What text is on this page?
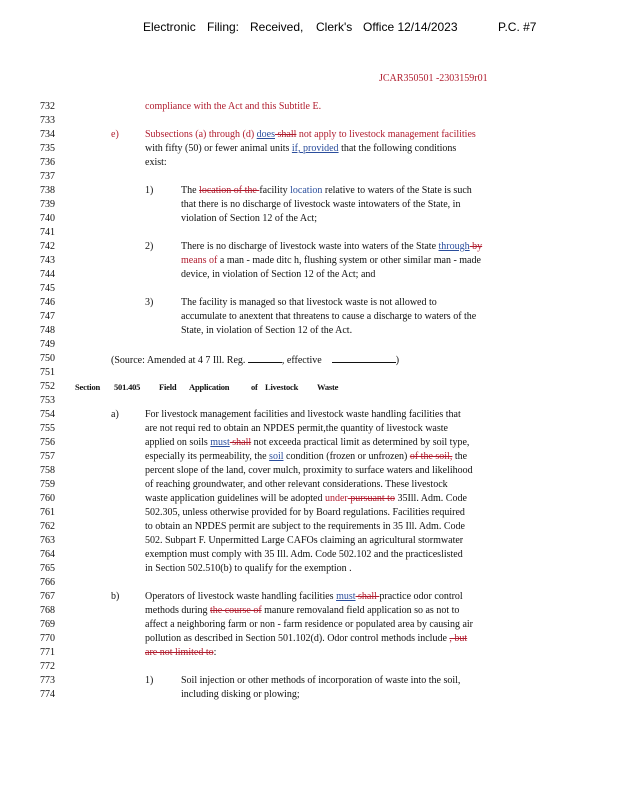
Electronic Filing: Received, Clerk's Office 12/14/2023	P.C. #7
JCAR350501 -2303159r01
732
733
734
735
736
737
738
739
740
741
742
743
744
745
746
747
748
749
750
751
752
753
754
755
756
757
758
759
760
761
762
763
764
765
766
767
768
769
770
771
772
773
774
compliance with the Act and this Subtitle E.
e)	Subsections (a) through (d) does shall not apply to livestock management facilities
with fifty (50) or fewer animal units if, provided that the following conditions
exist:
1)	The location of the facility location relative to waters of the State is such
that there is no discharge of livestock waste intowaters of the State, in
violation of Section 12 of the Act;
2)	There is no discharge of livestock waste into waters of the State through by
means of a man - made ditc h, flushing system or other similar man - made
device, in violation of Section 12 of the Act; and
3)	The facility is managed so that livestock waste is not allowed to
accumulate to anextent that threatens to cause a discharge to waters of the
State, in violation of Section 12 of the Act.
(Source: Amended at 4 7 Ill. Reg.	, effective	)
Section 501.405 Field Application	of Livestock Waste
a)	For livestock management facilities and livestock waste handling facilities that
are not requi red to obtain an NPDES permit,the quantity of livestock waste
applied on soils must shall not exceeda practical limit as determined by soil type,
especially its permeability, the soil condition (frozen or unfrozen) of the soil, the
percent slope of the land, cover mulch, proximity to surface waters and likelihood
of reaching groundwater, and other relevant considerations. These livestock
waste application guidelines will be adopted under pursuant to 35Ill. Adm. Code
502.305, unless otherwise provided for by Board regulations. Facilities required
to obtain an NPDES permit are subject to the requirements in 35 Ill. Adm. Code
502. Subpart F. Unpermitted Large CAFOs claiming an agricultural stormwater
exemption must comply with 35 Ill. Adm. Code 502.102 and the practiceslisted
in Section 502.510(b) to qualify for the exemption .
b)	Operators of livestock waste handling facilities must shall practice odor control
methods during the course of manure removaland field application so as not to
affect a neighboring farm or non - farm residence or populated area by causing air
pollution as described in Section 501.102(d). Odor control methods include , but
are not limited to:
1)	Soil injection or other methods of incorporation of waste into the soil,
including disking or plowing;
